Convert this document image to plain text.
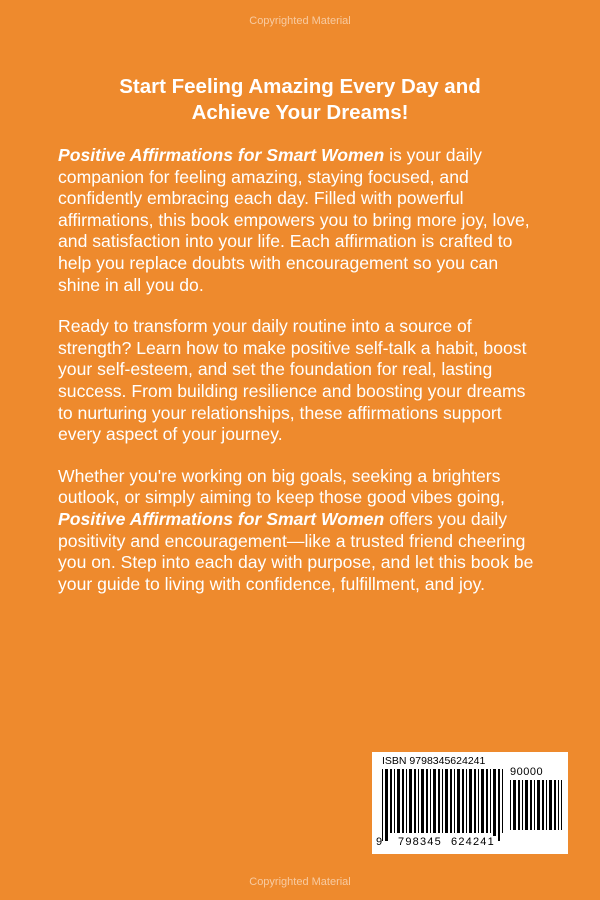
Copyrighted Material
Start Feeling Amazing Every Day and
Achieve Your Dreams!

Positive Affirmations for Smart Women is your daily companion for feeling amazing, staying focused, and confidently embracing each day. Filled with powerful affirmations, this book empowers you to bring more joy, love, and satisfaction into your life. Each affirmation is crafted to help you replace doubts with encouragement so you can shine in all you do.

Ready to transform your daily routine into a source of strength? Learn how to make positive self-talk a habit, boost your self-esteem, and set the foundation for real, lasting success. From building resilience and boosting your dreams to nurturing your relationships, these affirmations support every aspect of your journey.

Whether you're working on big goals, seeking a brighters outlook, or simply aiming to keep those good vibes going, Positive Affirmations for Smart Women offers you daily positivity and encouragement—like a trusted friend cheering you on. Step into each day with purpose, and let this book be your guide to living with confidence, fulfillment, and joy.

ISBN 9798345624241
90000
9 798345 624241
Copyrighted Material
